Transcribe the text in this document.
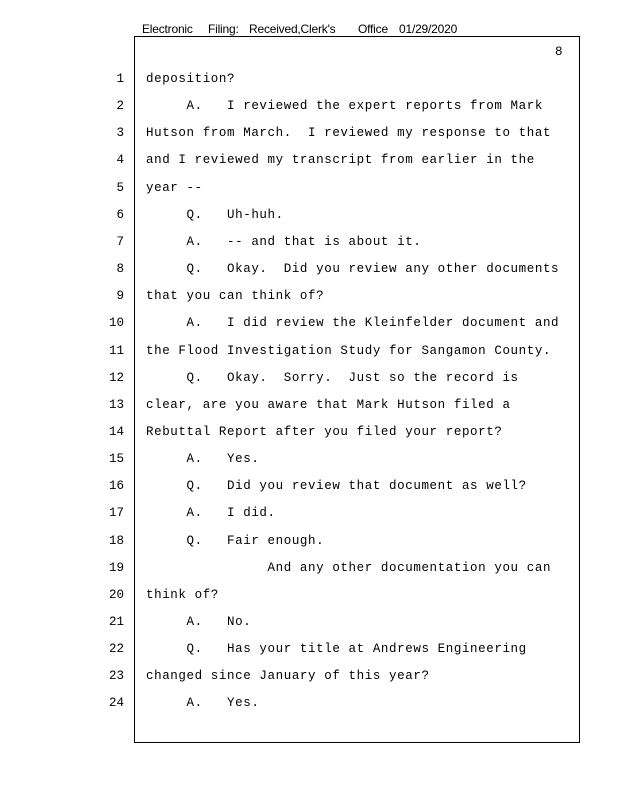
Electronic Filing: Received,Clerk's Office 01/29/2020
8
1 deposition?
2 A.   I reviewed the expert reports from Mark
3 Hutson from March.  I reviewed my response to that
4 and I reviewed my transcript from earlier in the
5 year --
6 Q.   Uh-huh.
7 A.   -- and that is about it.
8 Q.   Okay.  Did you review any other documents
9 that you can think of?
10 A.   I did review the Kleinfelder document and
11 the Flood Investigation Study for Sangamon County.
12 Q.   Okay.  Sorry.  Just so the record is
13 clear, are you aware that Mark Hutson filed a
14 Rebuttal Report after you filed your report?
15 A.   Yes.
16 Q.   Did you review that document as well?
17 A.   I did.
18 Q.   Fair enough.
19 And any other documentation you can
20 think of?
21 A.   No.
22 Q.   Has your title at Andrews Engineering
23 changed since January of this year?
24 A.   Yes.
